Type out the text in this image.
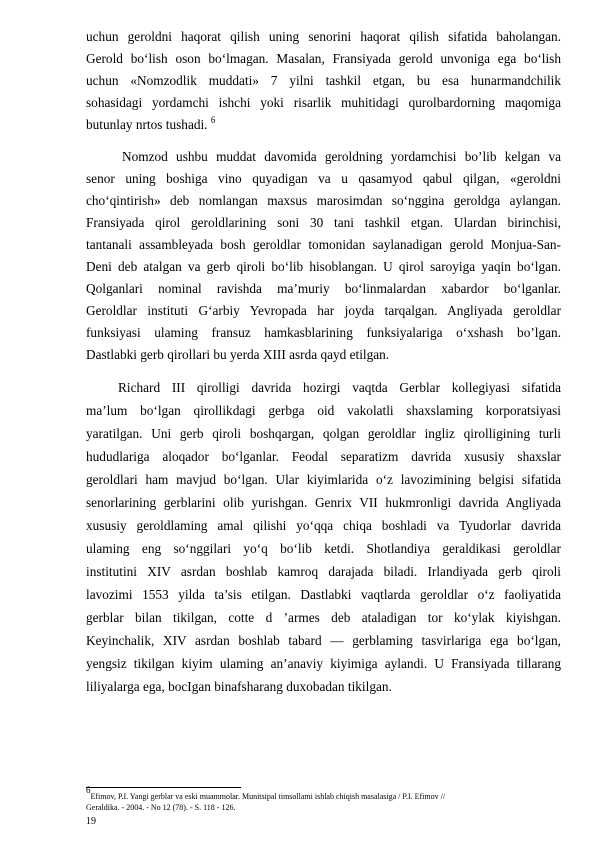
uchun geroldni haqorat qilish uning senorini haqorat qilish sifatida baholangan.
Gerold bo‘lish oson bo‘lmagan. Masalan, Fransiyada gerold unvoniga ega bo‘lish
uchun «Nomzodlik muddati» 7 yilni tashkil etgan, bu esa hunarmandchilik
sohasidagi yordamchi ishchi yoki risarlik muhitidagi qurolbardorning maqomiga
butunlay nrtos tushadi. $^6$
Nomzod ushbu muddat davomida geroldning yordamchisi bo’lib kelgan va
senor uning boshiga vino quyadigan va u qasamyod qabul qilgan, «geroldni
cho‘qintirish» deb nomlangan maxsus marosimdan so‘nggina geroldga aylangan.
Fransiyada qirol geroldlarining soni 30 tani tashkil etgan. Ulardan birinchisi,
tantanali assambleyada bosh geroldlar tomonidan saylanadigan gerold Monjua-San-
Deni deb atalgan va gerb qiroli bo‘lib hisoblangan. U qirol saroyiga yaqin bo‘lgan.
Qolganlari nominal ravishda ma’muriy bo‘linmalardan xabardor bo‘lganlar.
Geroldlar instituti G‘arbiy Yevropada har joyda tarqalgan. Angliyada geroldlar
funksiyasi ulaming fransuz hamkasblarining funksiyalariga o‘xshash bo’lgan.
Dastlabki gerb qirollari bu yerda XIII asrda qayd etilgan.
Richard III qirolligi davrida hozirgi vaqtda Gerblar kollegiyasi sifatida
ma’lum bo‘lgan qirollikdagi gerbga oid vakolatli shaxslaming korporatsiyasi
yaratilgan. Uni gerb qiroli boshqargan, qolgan geroldlar ingliz qirolligining turli
hududlariga aloqador bo‘lganlar. Feodal separatizm davrida xususiy shaxslar
geroldlari ham mavjud bo‘lgan. Ular kiyimlarida o‘z lavozimining belgisi sifatida
senorlarining gerblarini olib yurishgan. Genrix VII hukmronligi davrida Angliyada
xususiy geroldlaming amal qilishi yo‘qqa chiqa boshladi va Tyudorlar davrida
ulaming eng so‘nggilari yo‘q bo‘lib ketdi. Shotlandiya geraldikasi geroldlar
institutini XIV asrdan boshlab kamroq darajada biladi. Irlandiyada gerb qiroli
lavozimi 1553 yilda ta’sis etilgan. Dastlabki vaqtlarda geroldlar o‘z faoliyatida
gerblar bilan tikilgan, cotte d ’armes deb ataladigan tor ko‘ylak kiyishgan.
Keyinchalik, XIV asrdan boshlab tabard — gerblaming tasvirlariga ega bo‘lgan,
yengsiz tikilgan kiyim ulaming an’anaviy kiyimiga aylandi. U Fransiyada tillarang
liliyalarga ega, bocIgan binafsharang duxobadan tikilgan.
$^6$Efimov, P.I. Yangi gerblar va eski muammolar. Munitsipal timsollami ishlab chiqish masalasiga / P.I. Efimov //
Geraldika. - 2004. - No 12 (78). - S. 118 - 126.
19
